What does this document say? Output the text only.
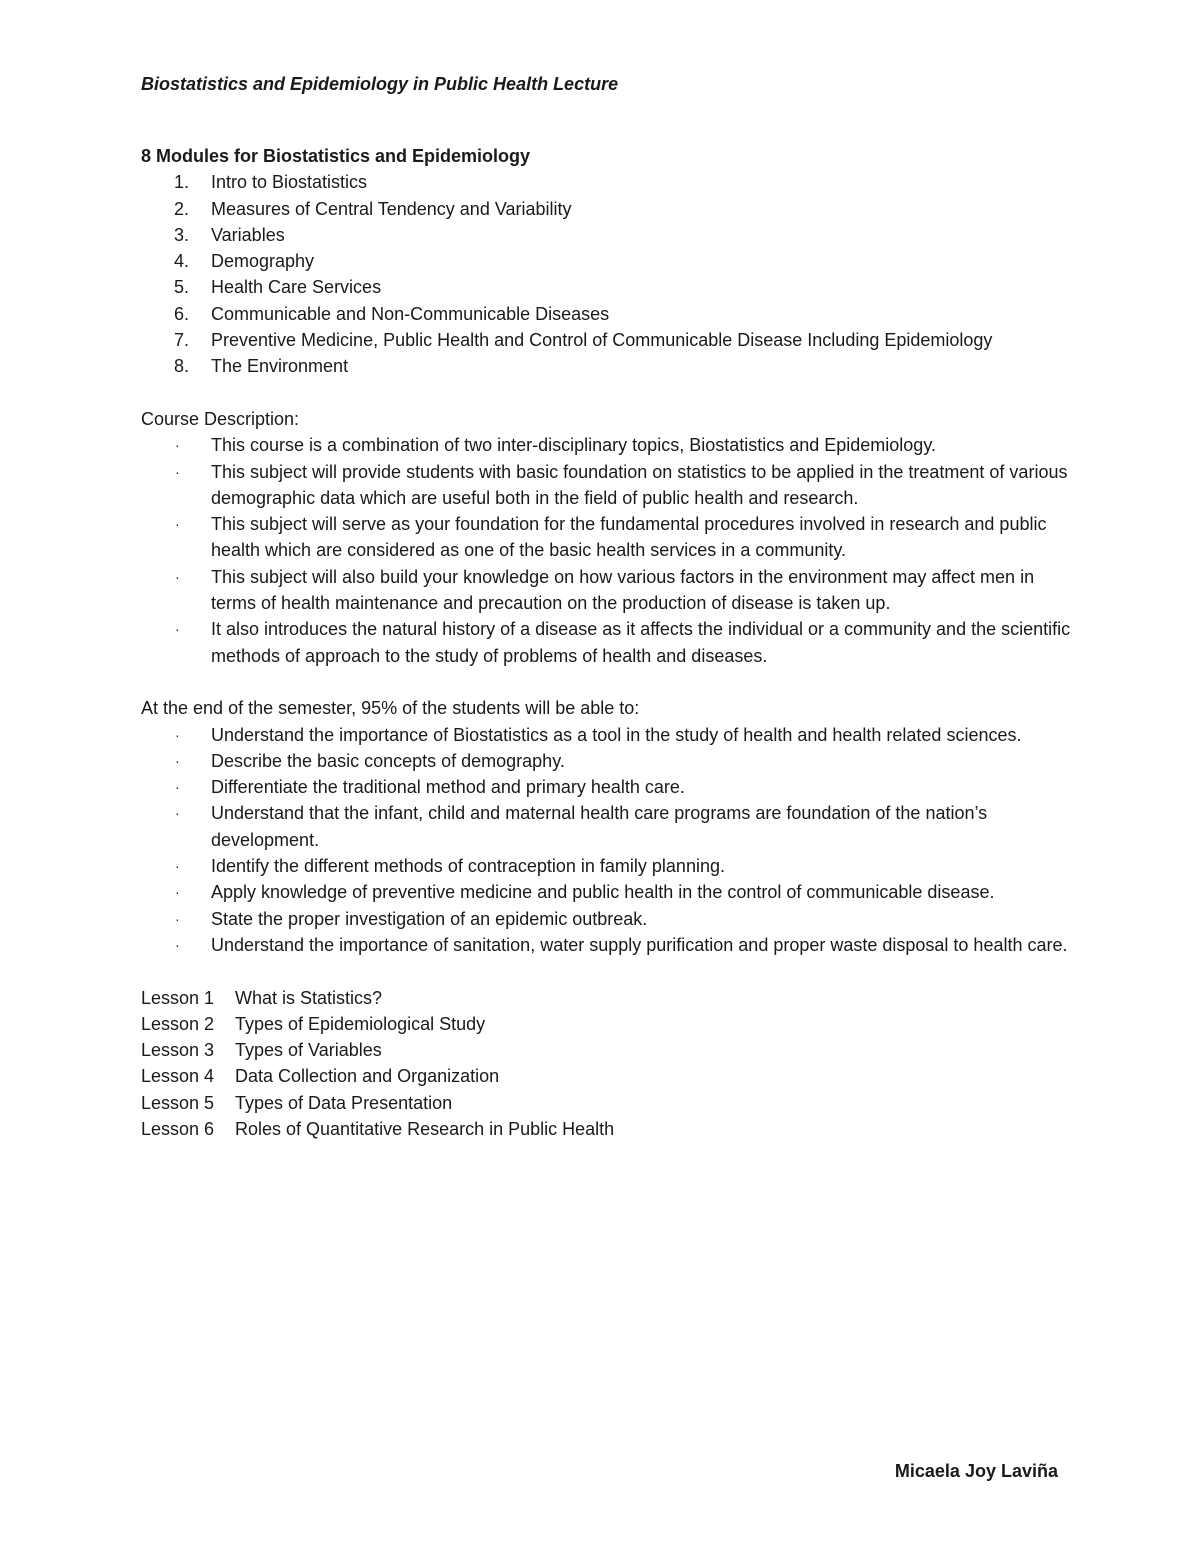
Biostatistics and Epidemiology in Public Health Lecture

8 Modules for Biostatistics and Epidemiology

1.	Intro to Biostatistics
2.	Measures of Central Tendency and Variability
3.	Variables
4.	Demography
5.	Health Care Services
6.	Communicable and Non-Communicable Diseases
7.	Preventive Medicine, Public Health and Control of Communicable Disease Including Epidemiology
8.	The Environment

Course Description:

· This course is a combination of two inter-disciplinary topics, Biostatistics and Epidemiology.
· This subject will provide students with basic foundation on statistics to be applied in the treatment of various demographic data which are useful both in the field of public health and research.
· This subject will serve as your foundation for the fundamental procedures involved in research and public health which are considered as one of the basic health services in a community.
· This subject will also build your knowledge on how various factors in the environment may affect men in terms of health maintenance and precaution on the production of disease is taken up.
· It also introduces the natural history of a disease as it affects the individual or a community and the scientific methods of approach to the study of problems of health and diseases.

At the end of the semester, 95% of the students will be able to:

· Understand the importance of Biostatistics as a tool in the study of health and health related sciences.
· Describe the basic concepts of demography.
· Differentiate the traditional method and primary health care.
· Understand that the infant, child and maternal health care programs are foundation of the nation’s development.
· Identify the different methods of contraception in family planning.
· Apply knowledge of preventive medicine and public health in the control of communicable disease.
· State the proper investigation of an epidemic outbreak.
· Understand the importance of sanitation, water supply purification and proper waste disposal to health care.
Lesson 1 What is Statistics?
Lesson 2 Types of Epidemiological Study
Lesson 3 Types of Variables
Lesson 4 Data Collection and Organization
Lesson 5 Types of Data Presentation
Lesson 6 Roles of Quantitative Research in Public Health
Micaela Joy Laviña
